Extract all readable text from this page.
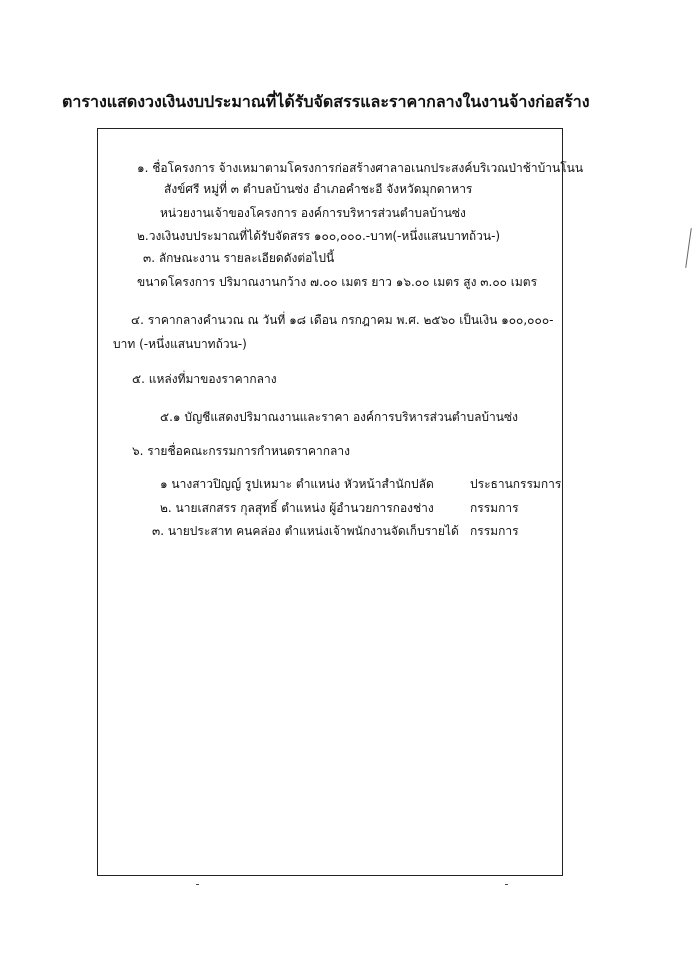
ตารางแสดงวงเงินงบประมาณที่ได้รับจัดสรรและราคากลางในงานจ้างก่อสร้าง
๑. ชื่อโครงการ จ้างเหมาตามโครงการก่อสร้างศาลาอเนกประสงค์บริเวณป่าช้าบ้านโนน
สังข์ศรี หมู่ที่ ๓ ตำบลบ้านซ่ง อำเภอคำชะอี จังหวัดมุกดาหาร
หน่วยงานเจ้าของโครงการ องค์การบริหารส่วนตำบลบ้านซ่ง
๒.วงเงินงบประมาณที่ได้รับจัดสรร ๑๐๐,๐๐๐.-บาท(-หนึ่งแสนบาทถ้วน-)
๓. ลักษณะงาน รายละเอียดดังต่อไปนี้
ขนาดโครงการ ปริมาณงานกว้าง ๗.๐๐ เมตร ยาว ๑๖.๐๐ เมตร สูง ๓.๐๐ เมตร
๔. ราคากลางคำนวณ ณ วันที่ ๑๘ เดือน กรกฎาคม พ.ศ. ๒๕๖๐ เป็นเงิน ๑๐๐,๐๐๐-
บาท (-หนึ่งแสนบาทถ้วน-)
๕. แหล่งที่มาของราคากลาง
๕.๑ บัญชีแสดงปริมาณงานและราคา องค์การบริหารส่วนตำบลบ้านซ่ง
๖. รายชื่อคณะกรรมการกำหนดราคากลาง
๑ นางสาวปิญญ์ รูปเหมาะ ตำแหน่ง หัวหน้าสำนักปลัด	ประธานกรรมการ
๒. นายเสกสรร กุลสุทธิ์ ตำแหน่ง ผู้อำนวยการกองช่าง	กรรมการ
๓. นายประสาท คนคล่อง ตำแหน่งเจ้าพนักงานจัดเก็บรายได้ กรรมการ
